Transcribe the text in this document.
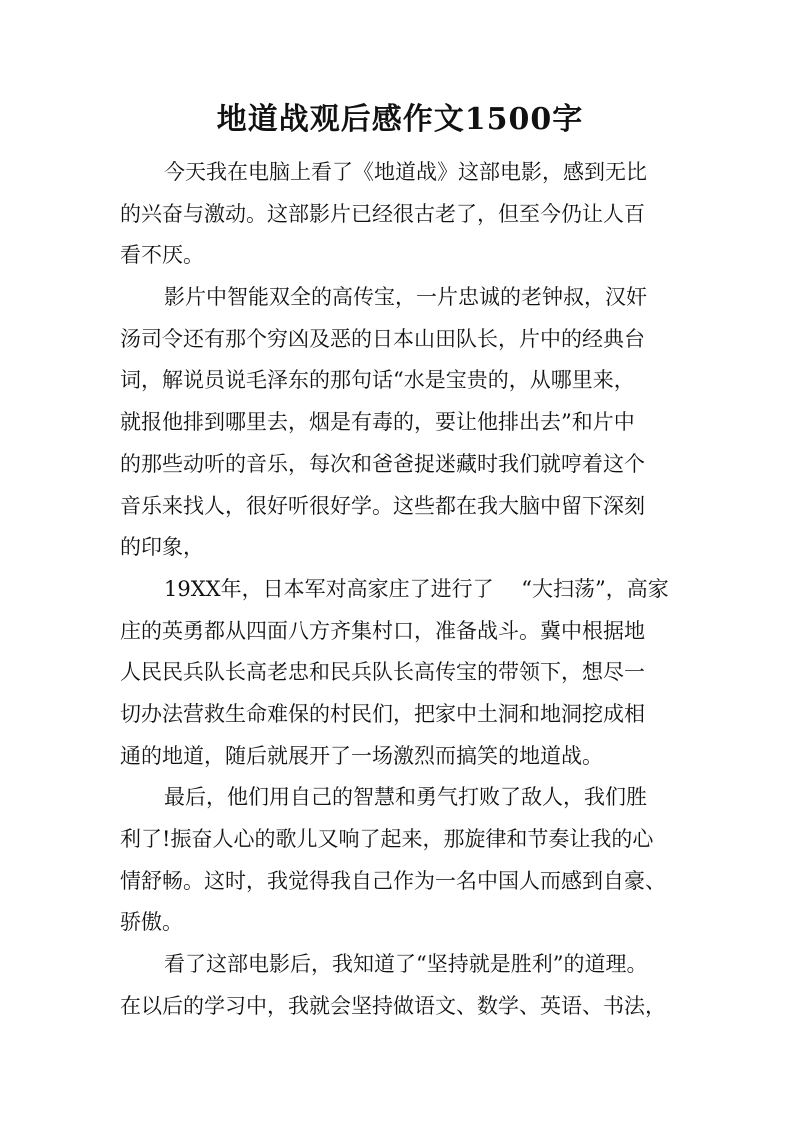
地道战观后感作文1500字
今天我在电脑上看了《地道战》这部电影，感到无比
的兴奋与激动。这部影片已经很古老了，但至今仍让人百
看不厌。
影片中智能双全的高传宝，一片忠诚的老钟叔，汉奸
汤司令还有那个穷凶及恶的日本山田队长，片中的经典台
词，解说员说毛泽东的那句话“水是宝贵的，从哪里来，
就报他排到哪里去，烟是有毒的，要让他排出去”和片中
的那些动听的音乐，每次和爸爸捉迷藏时我们就哼着这个
音乐来找人，很好听很好学。这些都在我大脑中留下深刻
的印象，
19XX年，日本军对高家庄了进行了　 “大扫荡”，高家
庄的英勇都从四面八方齐集村口，准备战斗。冀中根据地
人民民兵队长高老忠和民兵队长高传宝的带领下，想尽一
切办法营救生命难保的村民们，把家中土洞和地洞挖成相
通的地道，随后就展开了一场激烈而搞笑的地道战。
最后，他们用自己的智慧和勇气打败了敌人，我们胜
利了!振奋人心的歌儿又响了起来，那旋律和节奏让我的心
情舒畅。这时，我觉得我自己作为一名中国人而感到自豪、
骄傲。
看了这部电影后，我知道了“坚持就是胜利”的道理。
在以后的学习中，我就会坚持做语文、数学、英语、书法，
